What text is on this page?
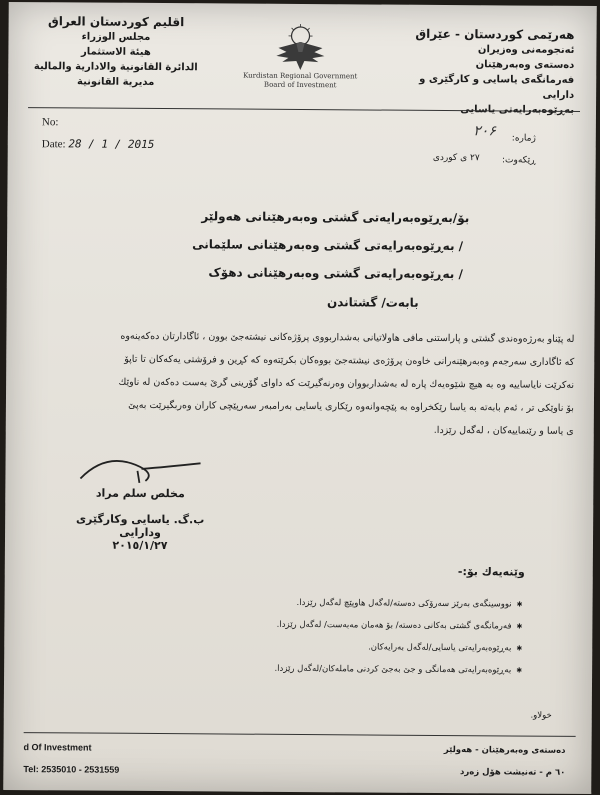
هەرێمی کوردستان - عێراق
ئەنجومەنی وەزیران
دەستەی وەبەرهێنان
فەرمانگەی یاسایی و کارگێری و دارایی
بەڕێوەبەرایەتی یاسایی
Kurdistan Regional Government
Board of Investment
اقليم كوردستان العراق
مجلس الوزراء
هيئة الاستثمار
الدائرة القانونية والادارية والمالية
مديرية القانونية
No:
Date: 28 / 1 / 2015	ژمارە:
۲۰۶
ڕێکەوت:
٢٧ ی كوردی
بۆ/بەڕێوەبەرایەتی گشتی وەبەرهێنانی هەولێر
/ بەڕێوەبەرایەتی گشتی وەبەرهێنانی سلێمانی
/ بەڕێوەبەرایەتی گشتی وەبەرهێنانی دهۆک
بابەت/ گشتاندن
لە پێناو بەرژەوەندی گشتی و پاراستنی مافی هاولاتیانی بەشداربووی پرۆژەکانی نیشتەجێ بوون ، ئاگادارتان دەکەینەوە
کە ئاگاداری سەرجەم وەبەرهێنەرانی خاوەن پرۆژەی نیشتەجێ بووەکان بکرێتەوە کە کڕین و فرۆشتی یەکەکان تا تاپۆ
نەکرێت نایاساییە وە بە هیچ شێوەیەك پارە لە بەشداربووان وەرنەگیرێت کە داوای گۆرینی گرێ بەست دەکەن لە ناوێك
بۆ ناوێکی تر ، ئەم بابەتە بە یاسا رێکخراوە بە پێچەوانەوە رێکاری یاسایی بەرامبەر سەرپێچی کاران وەربگیرێت بەپێ
ی یاسا و رێنماییەکان ، لەگەل رێزدا.
مخلص سلم مراد
ب.گ. یاسایی وکارگێری ودارایی
٢٠١٥/١/٢٧
وێنەیەك بۆ:-
✱ نووسینگەی بەرێز سەرۆکی دەستە/لەگەل هاوپێچ لەگەل رێزدا.
✱ فەرمانگەی گشتی بەکانی دەستە/ بۆ هەمان مەبەست/ لەگەل رێزدا.
✱ بەڕێوەبەرایەتی یاسایی/لەگەل بەرایەکان.
✱ بەڕێوەبەرایەتی هەمانگی و جێ بەجێ کردنی ماملەکان/لەگەل رێزدا.
خولاو.
d Of Investment
Tel: 2535010 - 2531559
دەستەی وەبەرهێنان - هەولێر
٦٠ م - تەنیشت هۆل زەرد
